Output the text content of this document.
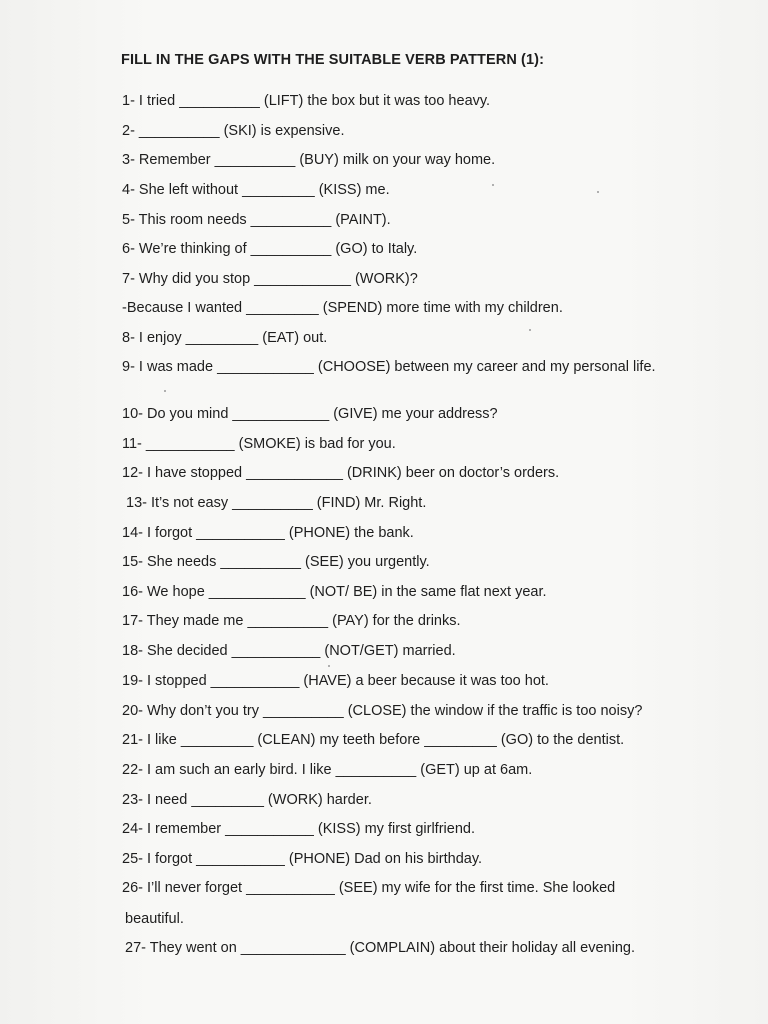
FILL IN THE GAPS WITH THE SUITABLE VERB PATTERN (1):
1- I tried __________ (LIFT) the box but it was too heavy.
2- __________ (SKI) is expensive.
3- Remember __________ (BUY) milk on your way home.
4- She left without _________ (KISS) me.
5- This room needs __________ (PAINT).
6- We’re thinking of __________ (GO) to Italy.
7- Why did you stop ____________ (WORK)?
-Because I wanted _________ (SPEND) more time with my children.
8- I enjoy _________ (EAT) out.
9- I was made ____________ (CHOOSE) between my career and my personal life.
10- Do you mind ____________ (GIVE) me your address?
11- ___________ (SMOKE) is bad for you.
12- I have stopped ____________ (DRINK) beer on doctor’s orders.
13- It’s not easy __________ (FIND) Mr. Right.
14- I forgot ___________ (PHONE) the bank.
15- She needs __________ (SEE) you urgently.
16- We hope ____________ (NOT/ BE) in the same flat next year.
17- They made me __________ (PAY) for the drinks.
18- She decided ___________ (NOT/GET) married.
19- I stopped ___________ (HAVE) a beer because it was too hot.
20- Why don’t you try __________ (CLOSE) the window if the traffic is too noisy?
21- I like _________ (CLEAN) my teeth before _________ (GO) to the dentist.
22- I am such an early bird. I like __________ (GET) up at 6am.
23- I need _________ (WORK) harder.
24- I remember ___________ (KISS) my first girlfriend.
25- I forgot ___________ (PHONE) Dad on his birthday.
26- I’ll never forget ___________ (SEE) my wife for the first time. She looked
beautiful.
27- They went on _____________ (COMPLAIN) about their holiday all evening.
